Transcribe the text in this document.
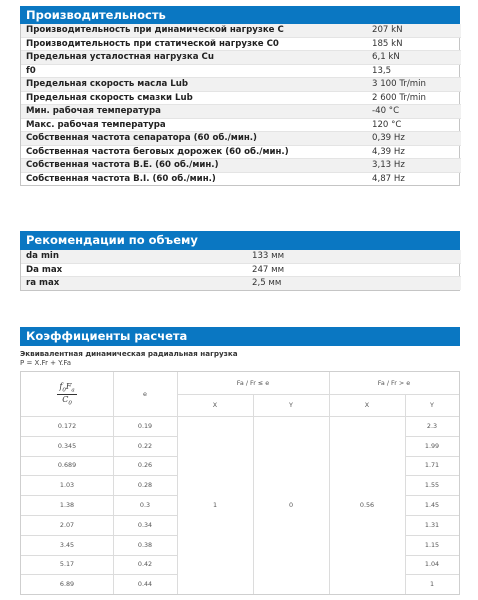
Производительность
Производительность при динамической нагрузке C	207 kN
Производительность при статической нагрузке C0	185 kN
Предельная усталостная нагрузка Cu	6,1 kN
f0	13,5
Предельная скорость масла Lub	3 100 Tr/min
Предельная скорость смазки Lub	2 600 Tr/min
Мин. рабочая температура	-40 °C
Макс. рабочая температура	120 °C
Собственная частота сепаратора (60 об./мин.)	0,39 Hz
Собственная частота беговых дорожек (60 об./мин.)	4,39 Hz
Собственная частота B.E. (60 об./мин.)	3,13 Hz
Собственная частота B.I. (60 об./мин.)	4,87 Hz
Рекомендации по объему
da min	133 мм
Da max	247 мм
ra max	2,5 мм
Коэффициенты расчета
Эквивалентная динамическая радиальная нагрузка
P = X.Fr + Y.Fa
$\frac{f_0F_a}{C_0}$	e
Fa / Fr ≤ e	Fa / Fr > e
X	Y	X	Y
1	0	0.56
0.172	0.19	2.3
0.345	0.22	1.99
0.689	0.26	1.71
1.03	0.28	1.55
1.38	0.3	1.45
2.07	0.34	1.31
3.45	0.38	1.15
5.17	0.42	1.04
6.89	0.44	1
